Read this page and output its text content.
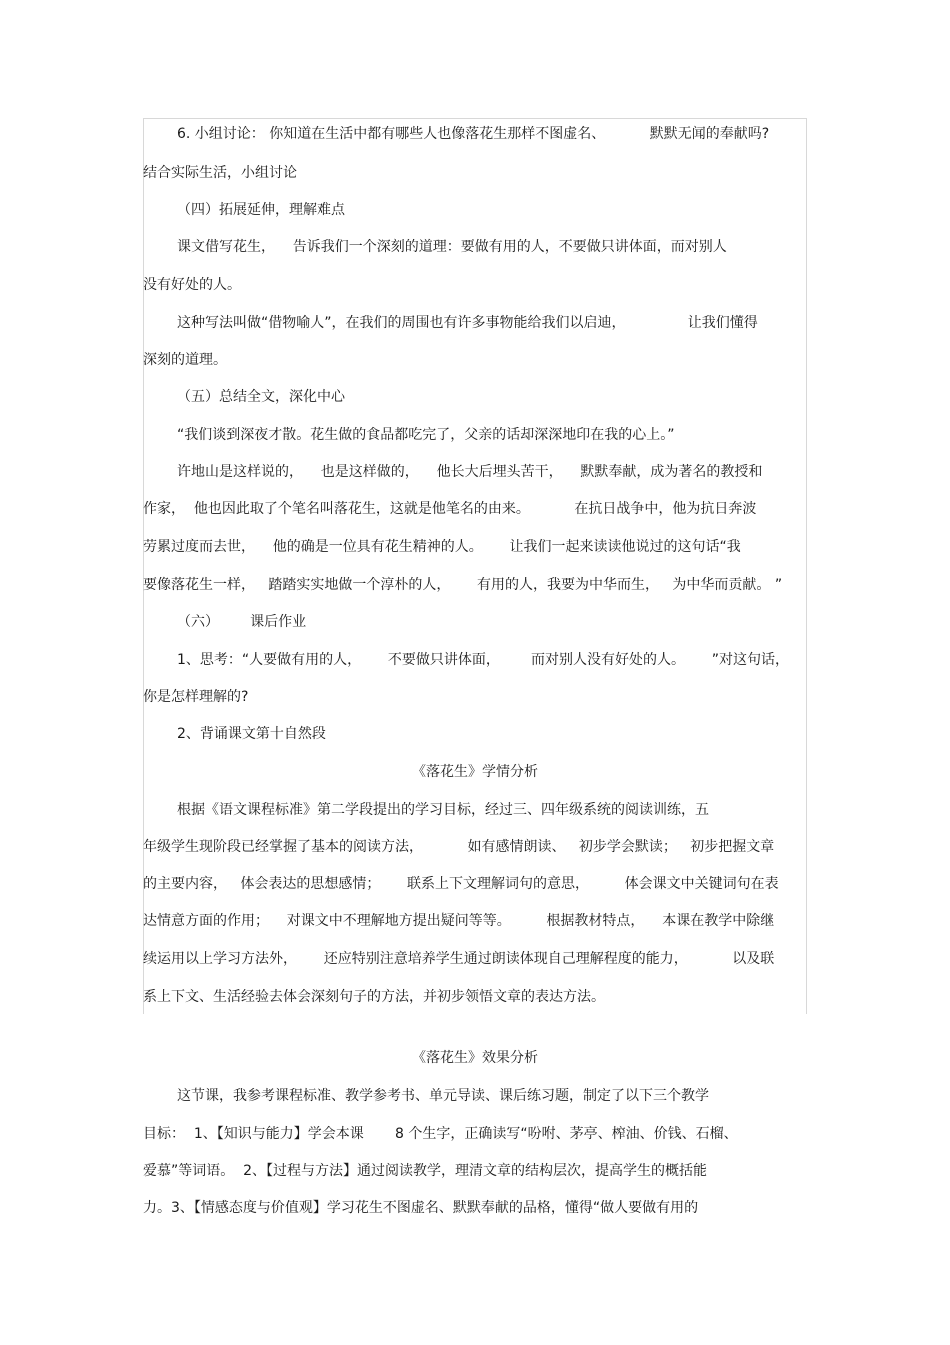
6. 小组讨论： 你知道在生活中都有哪些人也像落花生那样不图虚名、          默默无闻的奉献吗?
结合实际生活，小组讨论
（四）拓展延伸，理解难点
课文借写花生，    告诉我们一个深刻的道理：要做有用的人，不要做只讲体面，而对别人
没有好处的人。
这种写法叫做“借物喻人”，在我们的周围也有许多事物能给我们以启迪，              让我们懂得
深刻的道理。
（五）总结全文，深化中心
“我们谈到深夜才散。花生做的食品都吃完了，父亲的话却深深地印在我的心上。”
许地山是这样说的，    也是这样做的，    他长大后埋头苦干，    默默奉献，成为著名的教授和
作家，  他也因此取了个笔名叫落花生，这就是他笔名的由来。          在抗日战争中，他为抗日奔波
劳累过度而去世，    他的确是一位具有花生精神的人。      让我们一起来读读他说过的这句话“我
要像落花生一样，   踏踏实实地做一个淳朴的人，      有用的人，我要为中华而生，   为中华而贡献。 ”
（六）       课后作业
1、思考：“人要做有用的人，      不要做只讲体面，       而对别人没有好处的人。      ”对这句话，
你是怎样理解的?
2、背诵课文第十自然段
《落花生》学情分析
根据《语文课程标准》第二学段提出的学习目标，经过三、四年级系统的阅读训练，五
年级学生现阶段已经掌握了基本的阅读方法，          如有感情朗读、   初步学会默读；   初步把握文章
的主要内容，   体会表达的思想感情；      联系上下文理解词句的意思，        体会课文中关键词句在表
达情意方面的作用；    对课文中不理解地方提出疑问等等。        根据教材特点，    本课在教学中除继
续运用以上学习方法外，      还应特别注意培养学生通过朗读体现自己理解程度的能力，          以及联
系上下文、生活经验去体会深刻句子的方法，并初步领悟文章的表达方法。
《落花生》效果分析
这节课，我参考课程标准、教学参考书、单元导读、课后练习题，制定了以下三个教学
目标：  1、【知识与能力】学会本课       8 个生字，正确读写“吩咐、茅亭、榨油、价钱、石榴、
爱慕”等词语。  2、【过程与方法】通过阅读教学，理清文章的结构层次，提高学生的概括能
力。3、【情感态度与价值观】学习花生不图虚名、默默奉献的品格，懂得“做人要做有用的
